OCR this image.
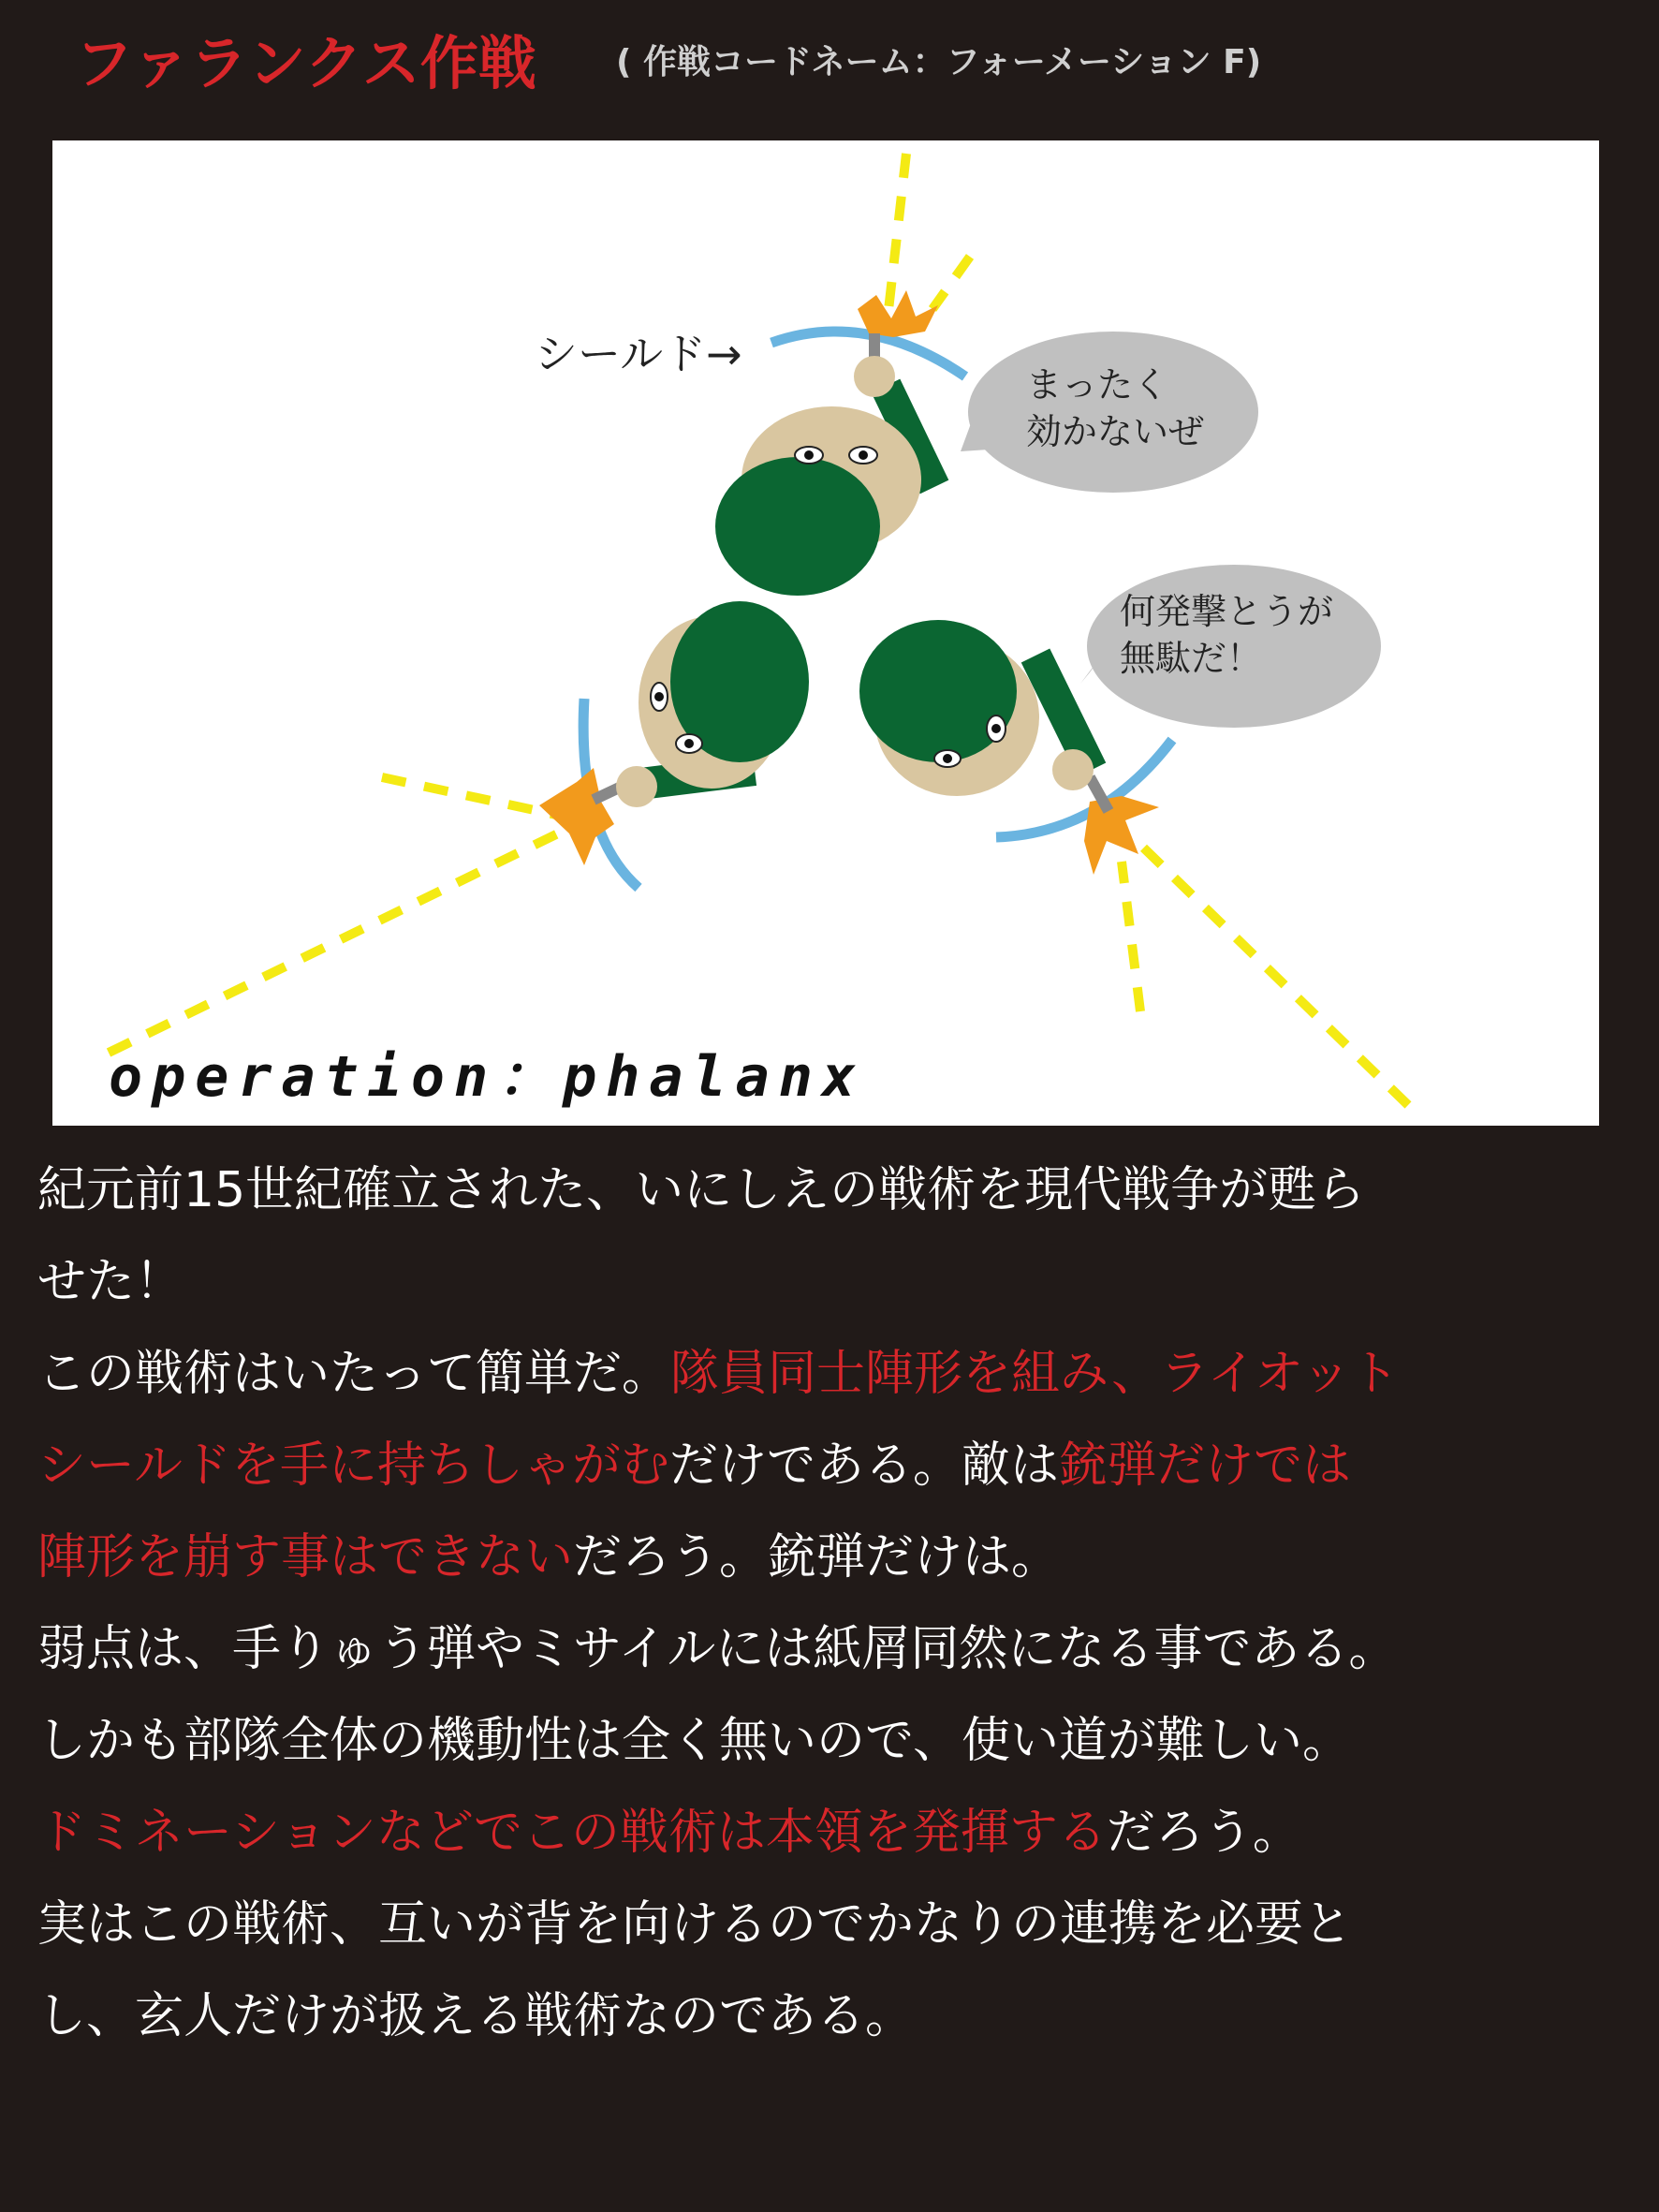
ファランクス作戦 ( 作戦コードネーム：フォーメーション F)
シールド→
まったく
効かないぜ
何発撃とうが
無駄だ！
operation：phalanx
紀元前15世紀確立された、いにしえの戦術を現代戦争が甦ら
せた！
この戦術はいたって簡単だ。隊員同士陣形を組み、ライオット
シールドを手に持ちしゃがむだけである。敵は銃弾だけでは
陣形を崩す事はできないだろう。銃弾だけは。
弱点は、手りゅう弾やミサイルには紙屑同然になる事である。
しかも部隊全体の機動性は全く無いので、使い道が難しい。
ドミネーションなどでこの戦術は本領を発揮するだろう。
実はこの戦術、互いが背を向けるのでかなりの連携を必要と
し、玄人だけが扱える戦術なのである。
